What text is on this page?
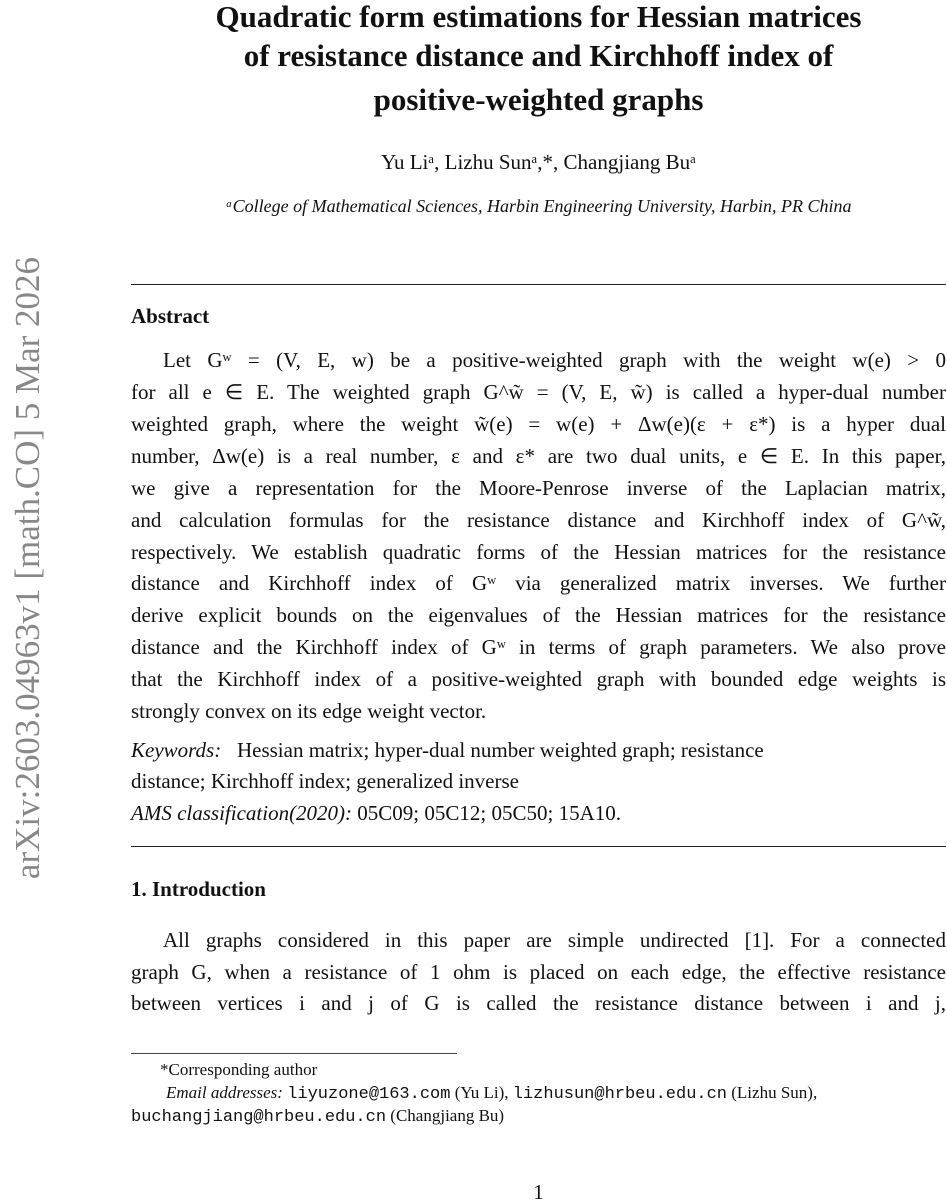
arXiv:2603.04963v1 [math.CO] 5 Mar 2026
Quadratic form estimations for Hessian matrices
of resistance distance and Kirchhoff index of
positive-weighted graphs
Yu Liᵃ, Lizhu Sunᵃ,*, Changjiang Buᵃ
ᵃCollege of Mathematical Sciences, Harbin Engineering University, Harbin, PR China
Abstract
Let Gʷ = (V, E, w) be a positive-weighted graph with the weight w(e) > 0
for all e ∈ E. The weighted graph G^w̃ = (V, E, w̃) is called a hyper-dual number
weighted graph, where the weight w̃(e) = w(e) + Δw(e)(ε + ε*) is a hyper dual
number, Δw(e) is a real number, ε and ε* are two dual units, e ∈ E. In this paper,
we give a representation for the Moore-Penrose inverse of the Laplacian matrix,
and calculation formulas for the resistance distance and Kirchhoff index of G^w̃,
respectively. We establish quadratic forms of the Hessian matrices for the resistance
distance and Kirchhoff index of Gʷ via generalized matrix inverses. We further
derive explicit bounds on the eigenvalues of the Hessian matrices for the resistance
distance and the Kirchhoff index of Gʷ in terms of graph parameters. We also prove
that the Kirchhoff index of a positive-weighted graph with bounded edge weights is
strongly convex on its edge weight vector.
Keywords: Hessian matrix; hyper-dual number weighted graph; resistance
distance; Kirchhoff index; generalized inverse
AMS classification(2020): 05C09; 05C12; 05C50; 15A10.
1. Introduction
All graphs considered in this paper are simple undirected [1]. For a connected
graph G, when a resistance of 1 ohm is placed on each edge, the effective resistance
between vertices i and j of G is called the resistance distance between i and j,
*Corresponding author
Email addresses: liyuzone@163.com (Yu Li), lizhusun@hrbeu.edu.cn (Lizhu Sun),
buchangjiang@hrbeu.edu.cn (Changjiang Bu)
1
